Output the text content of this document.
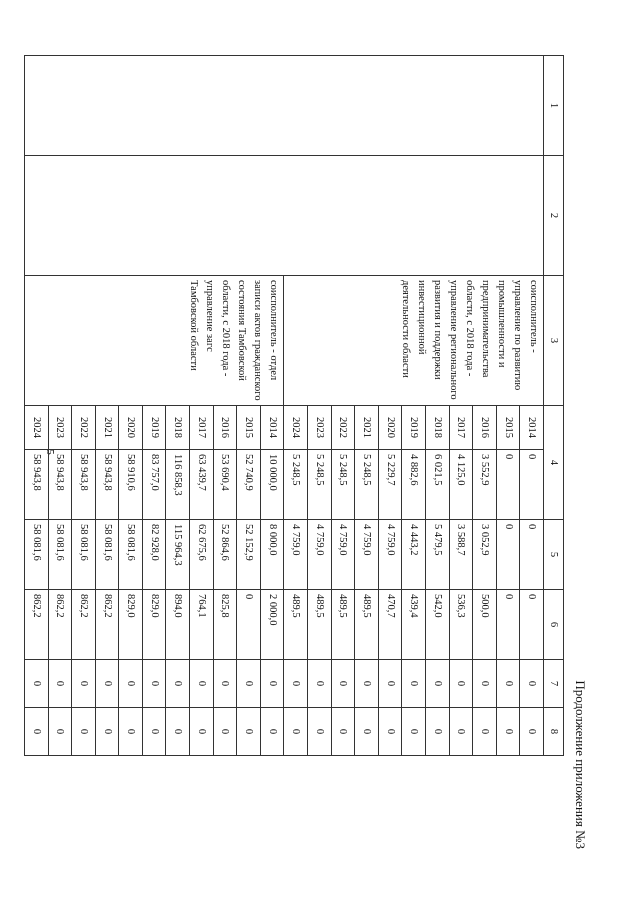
5
Продолжение приложения №3
1	2	3	4		5	6	7	8

		соисполнитель - управление по развитию промышленности и предпринимательства области, с 2018 года - управление регионального развития и поддержки инвестиционной деятельности области	2014	0	0	0	0	0
			2015	0	0	0	0	0
			2016	3 552,9	3 052,9	500,0	0	0
			2017	4 125,0	3 588,7	536,3	0	0
			2018	6 021,5	5 479,5	542,0	0	0
			2019	4 882,6	4 443,2	439,4	0	0
			2020	5 229,7	4 759,0	470,7	0	0
			2021	5 248,5	4 759,0	489,5	0	0
			2022	5 248,5	4 759,0	489,5	0	0
			2023	5 248,5	4 759,0	489,5	0	0
			2024	5 248,5	4 759,0	489,5	0	0

		соисполнитель - отдел записи актов гражданского состояния Тамбовской области, с 2018 года - управление загс Тамбовской области	2014	10 000,0	8 000,0	2 000,0	0	0
			2015	52 740,9	52 152,9	0	0	0
			2016	53 690,4	52 864,6	825,8	0	0
			2017	63 439,7	62 675,6	764,1	0	0
			2018	116 858,3	115 964,3	894,0	0	0
			2019	83 757,0	82 928,0	829,0	0	0
			2020	58 910,6	58 081,6	829,0	0	0
			2021	58 943,8	58 081,6	862,2	0	0
			2022	58 943,8	58 081,6	862,2	0	0
			2023	58 943,8	58 081,6	862,2	0	0
			2024	58 943,8	58 081,6	862,2	0	0
